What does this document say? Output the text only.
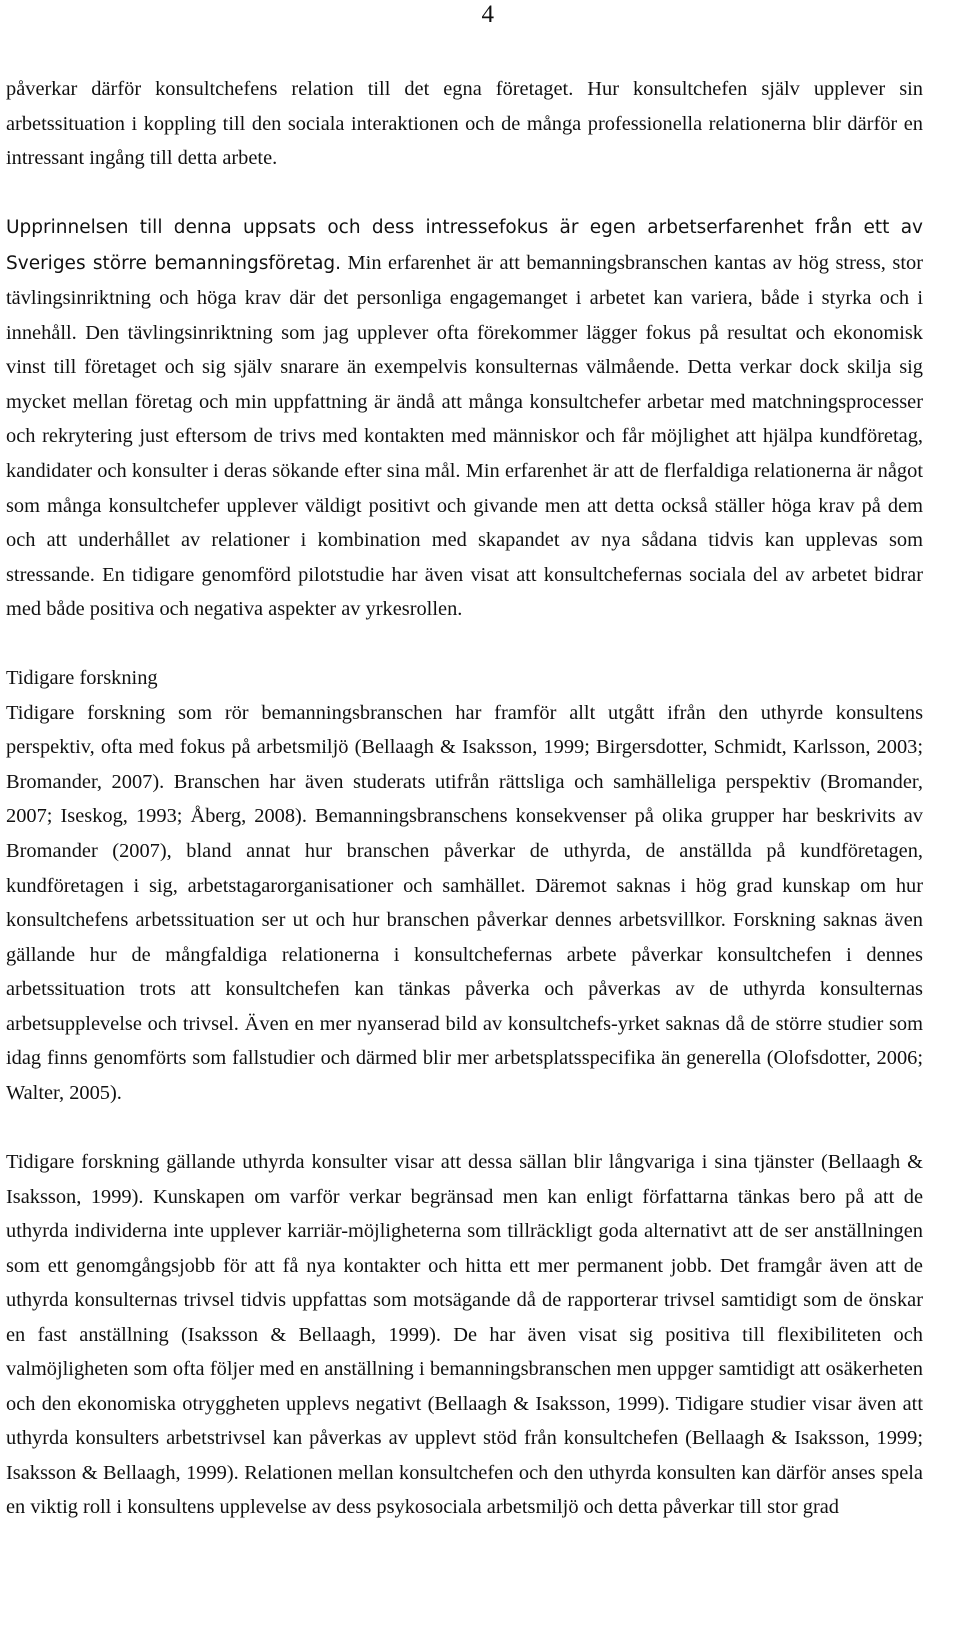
4

påverkar därför konsultchefens relation till det egna företaget. Hur konsultchefen själv upplever sin arbetssituation i koppling till den sociala interaktionen och de många professionella relationerna blir därför en intressant ingång till detta arbete.

Upprinnelsen till denna uppsats och dess intressefokus är egen arbetserfarenhet från ett av Sveriges större bemanningsföretag. Min erfarenhet är att bemanningsbranschen kantas av hög stress, stor tävlingsinriktning och höga krav där det personliga engagemanget i arbetet kan variera, både i styrka och i innehåll. Den tävlingsinriktning som jag upplever ofta förekommer lägger fokus på resultat och ekonomisk vinst till företaget och sig själv snarare än exempelvis konsulternas välmående. Detta verkar dock skilja sig mycket mellan företag och min uppfattning är ändå att många konsultchefer arbetar med matchningsprocesser och rekrytering just eftersom de trivs med kontakten med människor och får möjlighet att hjälpa kundföretag, kandidater och konsulter i deras sökande efter sina mål. Min erfarenhet är att de flerfaldiga relationerna är något som många konsultchefer upplever väldigt positivt och givande men att detta också ställer höga krav på dem och att underhållet av relationer i kombination med skapandet av nya sådana tidvis kan upplevas som stressande. En tidigare genomförd pilotstudie har även visat att konsultchefernas sociala del av arbetet bidrar med både positiva och negativa aspekter av yrkesrollen.

Tidigare forskning

Tidigare forskning som rör bemanningsbranschen har framför allt utgått ifrån den uthyrde konsultens perspektiv, ofta med fokus på arbetsmiljö (Bellaagh & Isaksson, 1999; Birgersdotter, Schmidt, Karlsson, 2003; Bromander, 2007). Branschen har även studerats utifrån rättsliga och samhälleliga perspektiv (Bromander, 2007; Iseskog, 1993; Åberg, 2008). Bemanningsbranschens konsekvenser på olika grupper har beskrivits av Bromander (2007), bland annat hur branschen påverkar de uthyrda, de anställda på kundföretagen, kundföretagen i sig, arbetstagarorganisationer och samhället. Däremot saknas i hög grad kunskap om hur konsultchefens arbetssituation ser ut och hur branschen påverkar dennes arbetsvillkor. Forskning saknas även gällande hur de mångfaldiga relationerna i konsultchefernas arbete påverkar konsultchefen i dennes arbetssituation trots att konsultchefen kan tänkas påverka och påverkas av de uthyrda konsulternas arbetsupplevelse och trivsel. Även en mer nyanserad bild av konsultchefs-yrket saknas då de större studier som idag finns genomförts som fallstudier och därmed blir mer arbetsplatsspecifika än generella (Olofsdotter, 2006; Walter, 2005).

Tidigare forskning gällande uthyrda konsulter visar att dessa sällan blir långvariga i sina tjänster (Bellaagh & Isaksson, 1999). Kunskapen om varför verkar begränsad men kan enligt författarna tänkas bero på att de uthyrda individerna inte upplever karriär-möjligheterna som tillräckligt goda alternativt att de ser anställningen som ett genomgångsjobb för att få nya kontakter och hitta ett mer permanent jobb. Det framgår även att de uthyrda konsulternas trivsel tidvis uppfattas som motsägande då de rapporterar trivsel samtidigt som de önskar en fast anställning (Isaksson & Bellaagh, 1999). De har även visat sig positiva till flexibiliteten och valmöjligheten som ofta följer med en anställning i bemanningsbranschen men uppger samtidigt att osäkerheten och den ekonomiska otryggheten upplevs negativt (Bellaagh & Isaksson, 1999). Tidigare studier visar även att uthyrda konsulters arbetstrivsel kan påverkas av upplevt stöd från konsultchefen (Bellaagh & Isaksson, 1999; Isaksson & Bellaagh, 1999). Relationen mellan konsultchefen och den uthyrda konsulten kan därför anses spela en viktig roll i konsultens upplevelse av dess psykosociala arbetsmiljö och detta påverkar till stor grad
